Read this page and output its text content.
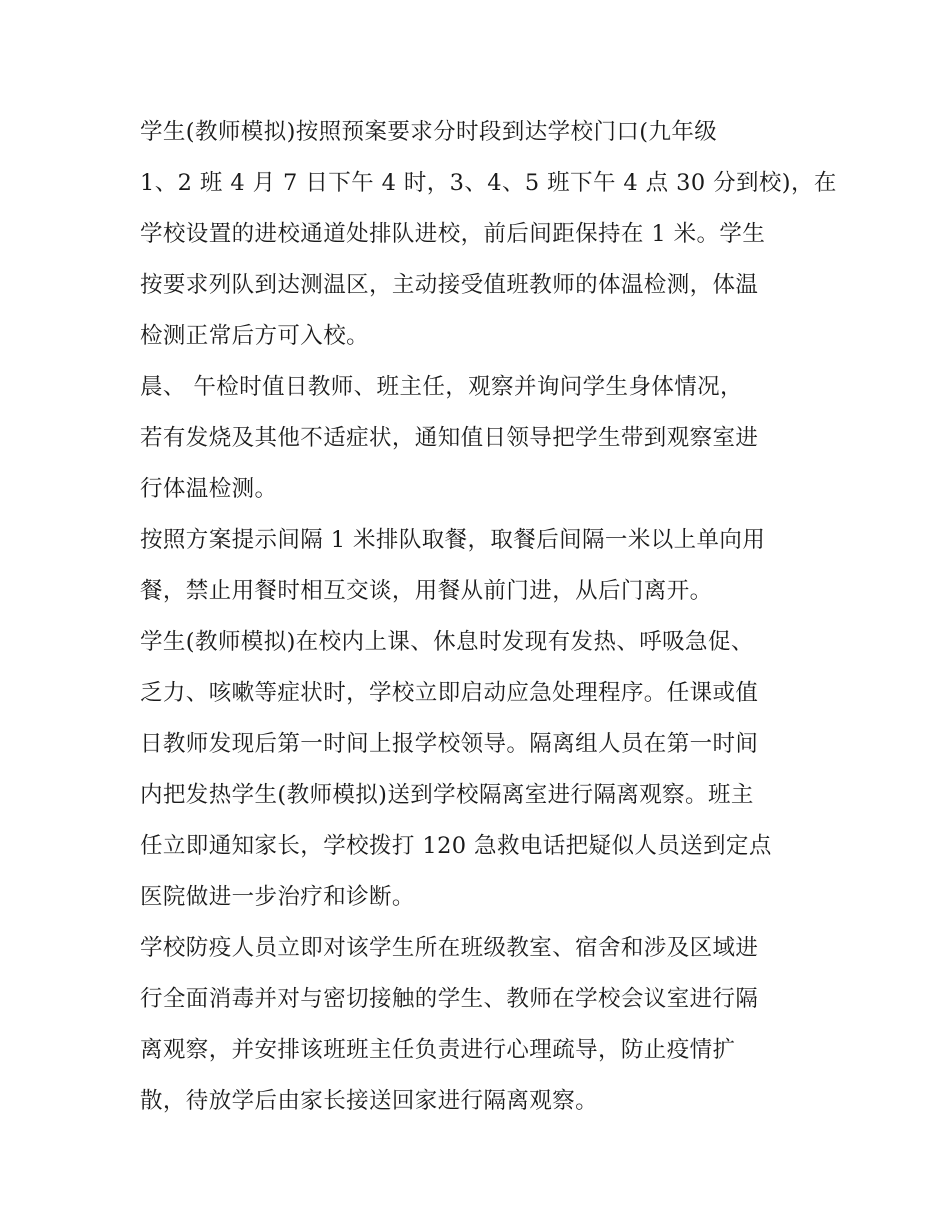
学生(教师模拟)按照预案要求分时段到达学校门口(九年级
1、2 班 4 月 7 日下午 4 时，3、4、5 班下午 4 点 30 分到校)，在
学校设置的进校通道处排队进校，前后间距保持在 1 米。学生
按要求列队到达测温区，主动接受值班教师的体温检测，体温
检测正常后方可入校。
晨、 午检时值日教师、班主任，观察并询问学生身体情况，
若有发烧及其他不适症状，通知值日领导把学生带到观察室进
行体温检测。
按照方案提示间隔 1 米排队取餐，取餐后间隔一米以上单向用
餐，禁止用餐时相互交谈，用餐从前门进，从后门离开。
学生(教师模拟)在校内上课、休息时发现有发热、呼吸急促、
乏力、咳嗽等症状时，学校立即启动应急处理程序。任课或值
日教师发现后第一时间上报学校领导。隔离组人员在第一时间
内把发热学生(教师模拟)送到学校隔离室进行隔离观察。班主
任立即通知家长，学校拨打 120 急救电话把疑似人员送到定点
医院做进一步治疗和诊断。
学校防疫人员立即对该学生所在班级教室、宿舍和涉及区域进
行全面消毒并对与密切接触的学生、教师在学校会议室进行隔
离观察，并安排该班班主任负责进行心理疏导，防止疫情扩
散，待放学后由家长接送回家进行隔离观察。
